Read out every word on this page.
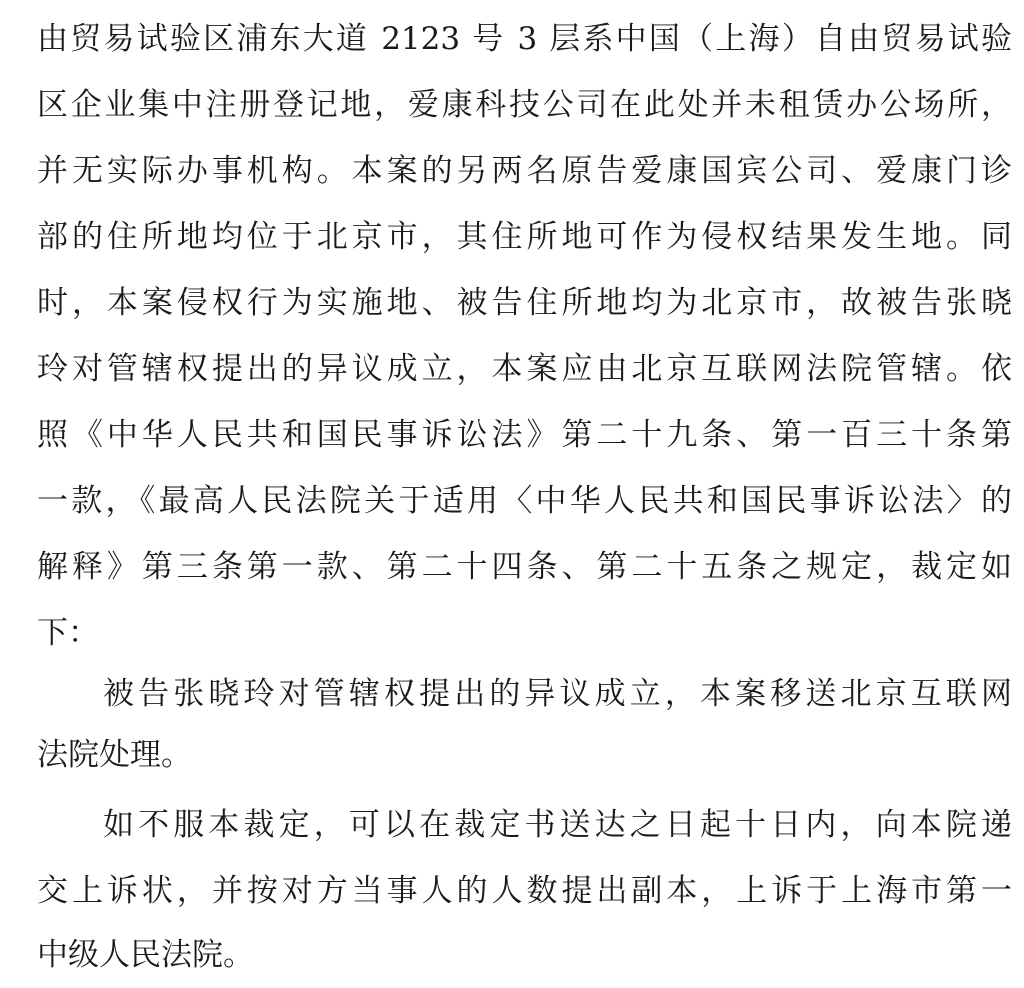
由贸易试验区浦东大道 2123 号 3 层系中国（上海）自由贸易试验
区企业集中注册登记地，爱康科技公司在此处并未租赁办公场所，
并无实际办事机构。本案的另两名原告爱康国宾公司、爱康门诊
部的住所地均位于北京市，其住所地可作为侵权结果发生地。同
时，本案侵权行为实施地、被告住所地均为北京市，故被告张晓
玲对管辖权提出的异议成立，本案应由北京互联网法院管辖。依
照《中华人民共和国民事诉讼法》第二十九条、第一百三十条第
一款，《最高人民法院关于适用〈中华人民共和国民事诉讼法〉的
解释》第三条第一款、第二十四条、第二十五条之规定，裁定如
下：
被告张晓玲对管辖权提出的异议成立，本案移送北京互联网
法院处理。
如不服本裁定，可以在裁定书送达之日起十日内，向本院递
交上诉状，并按对方当事人的人数提出副本，上诉于上海市第一
中级人民法院。
